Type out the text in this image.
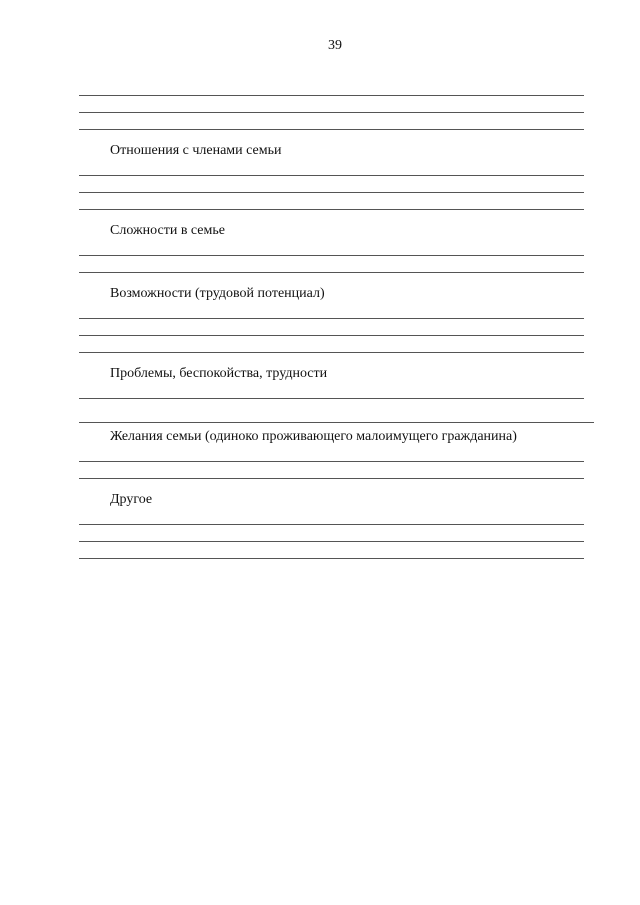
39
Отношения с членами семьи
Сложности в семье
Возможности (трудовой потенциал)
Проблемы, беспокойства, трудности
Желания семьи (одиноко проживающего малоимущего гражданина)
Другое
